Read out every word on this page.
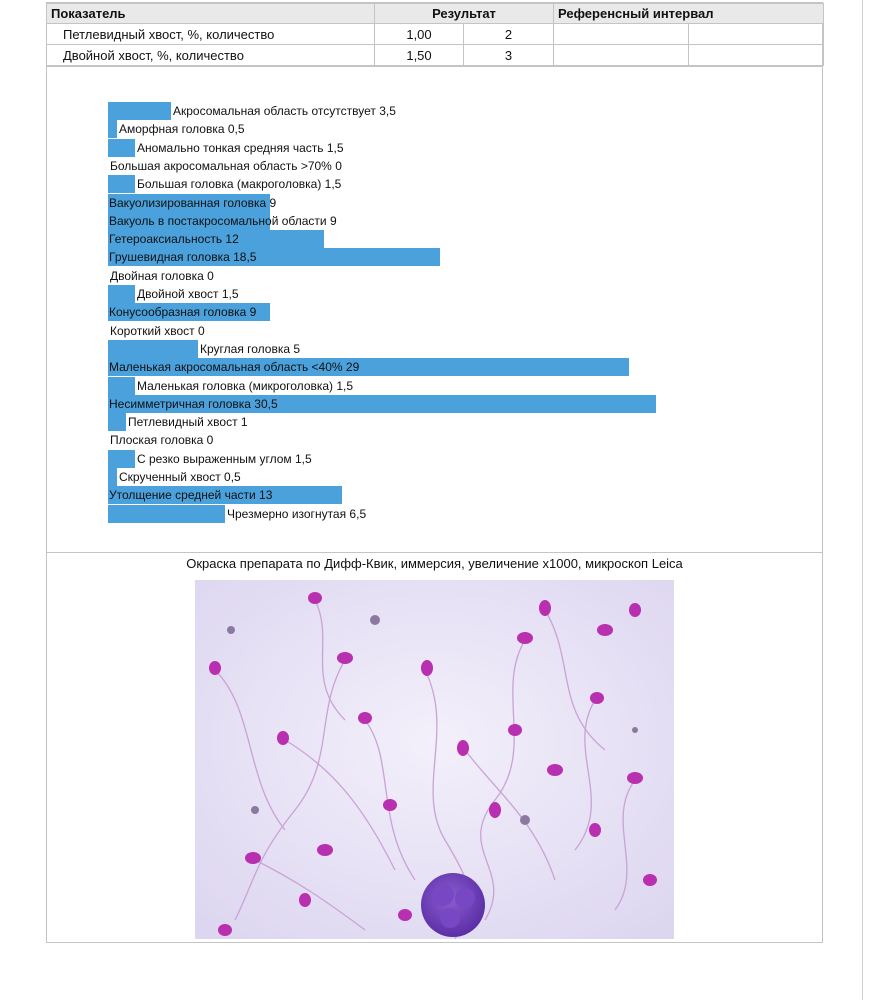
Показатель	Результат		Референсный интервал	
Петлевидный хвост, %, количество	1,00	2		
Двойной хвост, %, количество	1,50	3		
Акросомальная область отсутствует 3,5
Аморфная головка 0,5
Аномально тонкая средняя часть 1,5
Большая акросомальная область >70% 0
Большая головка (макроголовка) 1,5
Вакуолизированная головка 9
Вакуоль в постакросомальной области 9
Гетероаксиальность 12
Грушевидная головка 18,5
Двойная головка 0
Двойной хвост 1,5
Конусообразная головка 9
Короткий хвост 0
Круглая головка 5
Маленькая акросомальная область <40% 29
Маленькая головка (микроголовка) 1,5
Несимметричная головка 30,5
Петлевидный хвост 1
Плоская головка 0
С резко выраженным углом 1,5
Скрученный хвост 0,5
Утолщение средней части 13
Чрезмерно изогнутая 6,5
Окраска препарата по Дифф-Квик, иммерсия, увеличение x1000, микроскоп Leica
